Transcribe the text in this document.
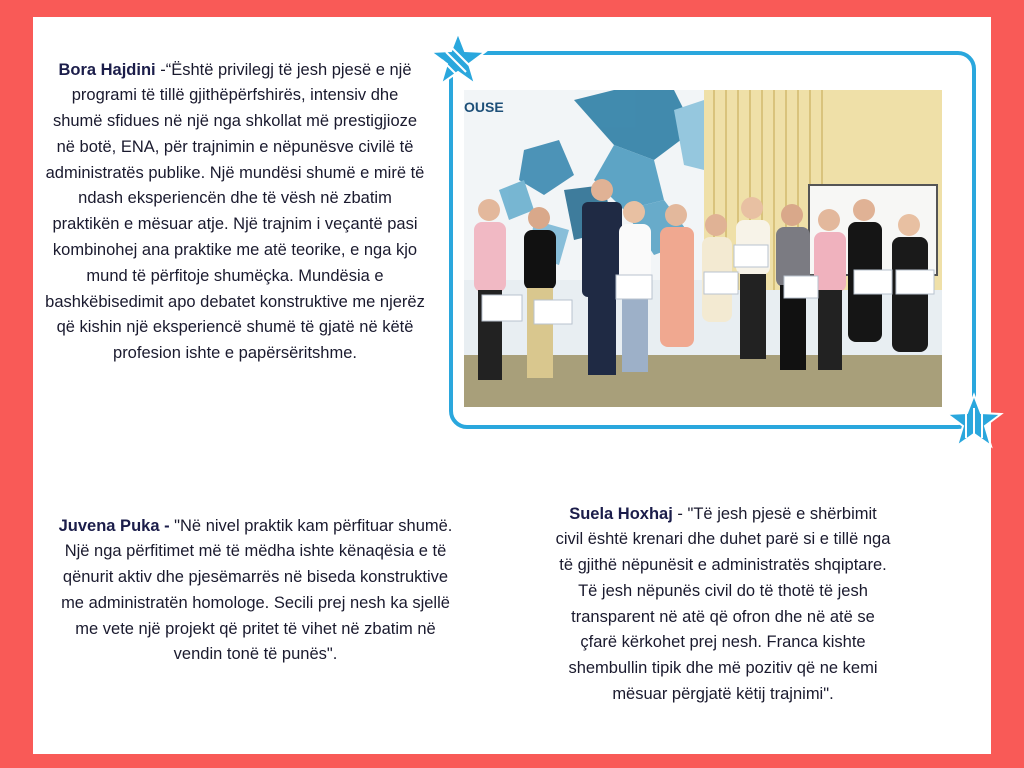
Bora Hajdini -“Është privilegj të jesh pjesë e një programi të tillë gjithëpërfshirës, intensiv dhe shumë sfidues në një nga shkollat më prestigjioze në botë, ENA, për trajnimin e nëpunësve civilë të administratës publike. Një mundësi shumë e mirë të ndash eksperiencën dhe të vësh në zbatim praktikën e mësuar atje. Një trajnim i veçantë pasi kombinohej ana praktike me atë teorike, e nga kjo mund të përfitoje shumëçka. Mundësia e bashkëbisedimit apo debatet konstruktive me njerëz që kishin një eksperiencë shumë të gjatë në këtë profesion ishte e papërsëritshme.

Juvena Puka - "Në nivel praktik kam përfituar shumë. Një nga përfitimet më të mëdha ishte kënaqësia e të qënurit aktiv dhe pjesëmarrës në biseda konstruktive me administratën homologe. Secili prej nesh ka sjellë me vete një projekt që pritet të vihet në zbatim në vendin tonë të punës".

Suela Hoxhaj - "Të jesh pjesë e shërbimit civil është krenari dhe duhet parë si e tillë nga të gjithë nëpunësit e administratës shqiptare. Të jesh nëpunës civil do të thotë të jesh transparent në atë që ofron dhe në atë se çfarë kërkohet prej nesh. Franca kishte shembullin tipik dhe më pozitiv që ne kemi mësuar përgjatë këtij trajnimi".

OUSE
